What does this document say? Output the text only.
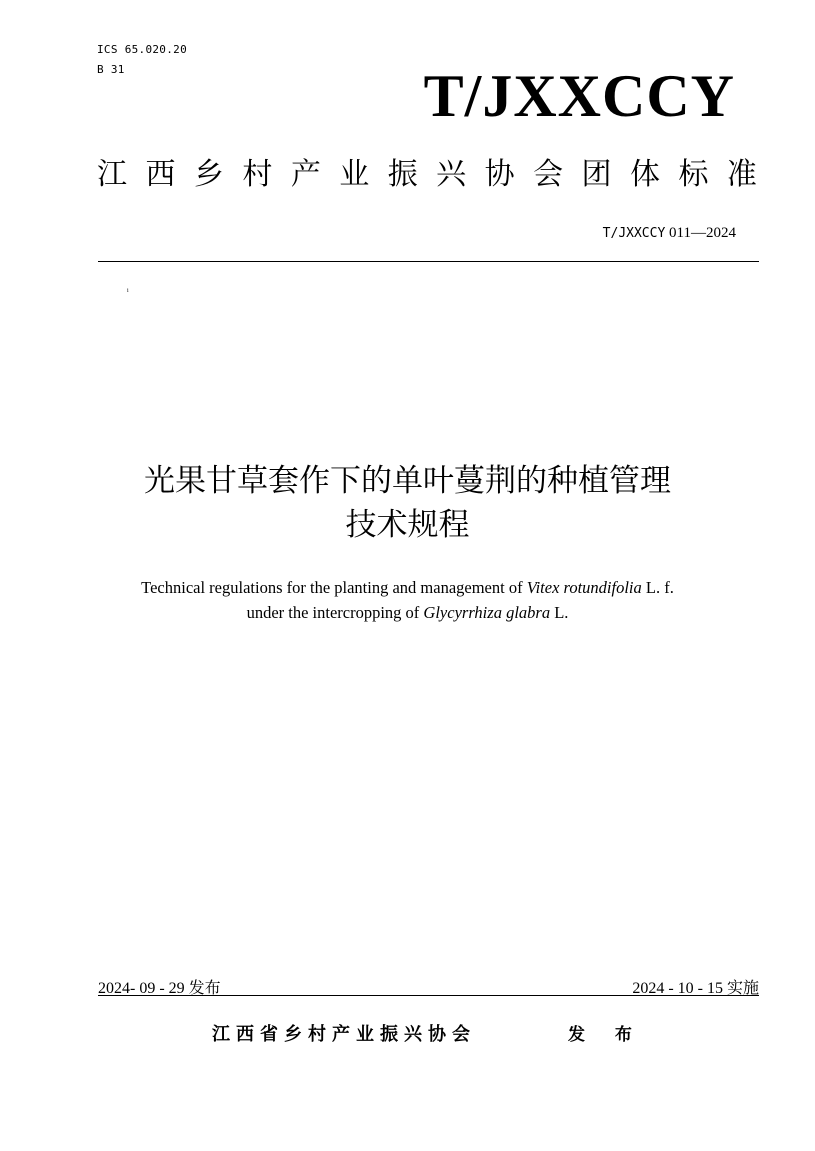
ICS 65.020.20
B 31	T/JXXCCY
江 西 乡 村 产 业 振 兴 协 会 团 体 标 准
T/JXXCCY 011—2024
i
光果甘草套作下的单叶蔓荆的种植管理
技术规程
Technical regulations for the planting and management of Vitex rotundifolia L. f.
under the intercropping of Glycyrrhiza glabra L.
2024- 09 - 29 发布	2024 - 10 - 15 实施
江西省乡村产业振兴协会	发 布
